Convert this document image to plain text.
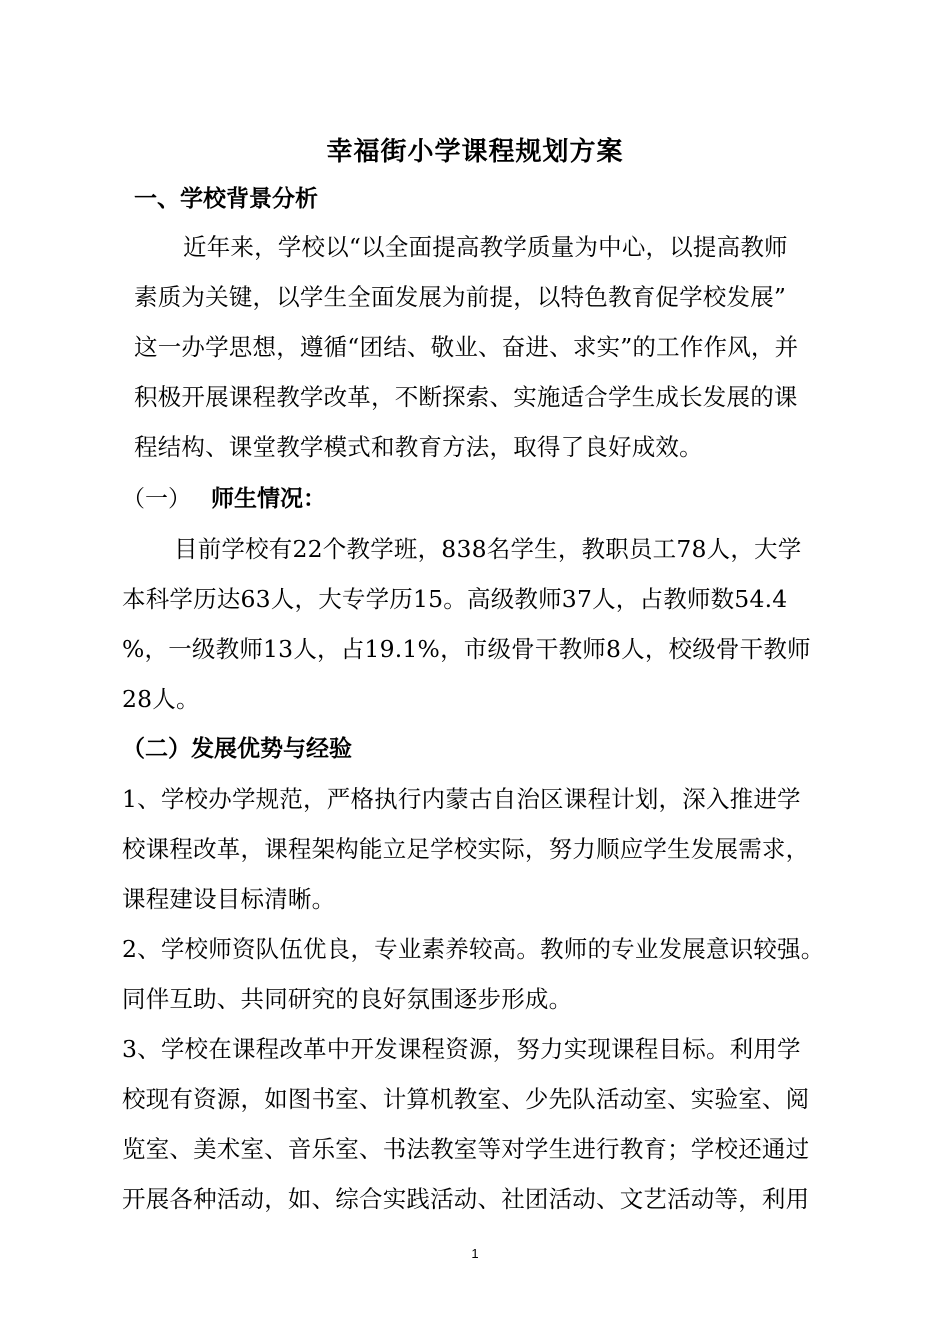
幸福街小学课程规划方案
一、学校背景分析
近年来，学校以“以全面提高教学质量为中心，以提高教师
素质为关键，以学生全面发展为前提，以特色教育促学校发展”
这一办学思想，遵循“团结、敬业、奋进、求实”的工作作风，并
积极开展课程教学改革，不断探索、实施适合学生成长发展的课
程结构、课堂教学模式和教育方法，取得了良好成效。
（一） 师生情况：
目前学校有22个教学班，838名学生，教职员工78人，大学
本科学历达63人，大专学历15。高级教师37人，占教师数54.4
%，一级教师13人，占19.1%，市级骨干教师8人，校级骨干教师
28人。
（二）发展优势与经验
1、学校办学规范，严格执行内蒙古自治区课程计划，深入推进学
校课程改革，课程架构能立足学校实际，努力顺应学生发展需求，
课程建设目标清晰。
2、学校师资队伍优良，专业素养较高。教师的专业发展意识较强。
同伴互助、共同研究的良好氛围逐步形成。
3、学校在课程改革中开发课程资源，努力实现课程目标。利用学
校现有资源，如图书室、计算机教室、少先队活动室、实验室、阅
览室、美术室、音乐室、书法教室等对学生进行教育；学校还通过
开展各种活动，如、综合实践活动、社团活动、文艺活动等，利用
1
